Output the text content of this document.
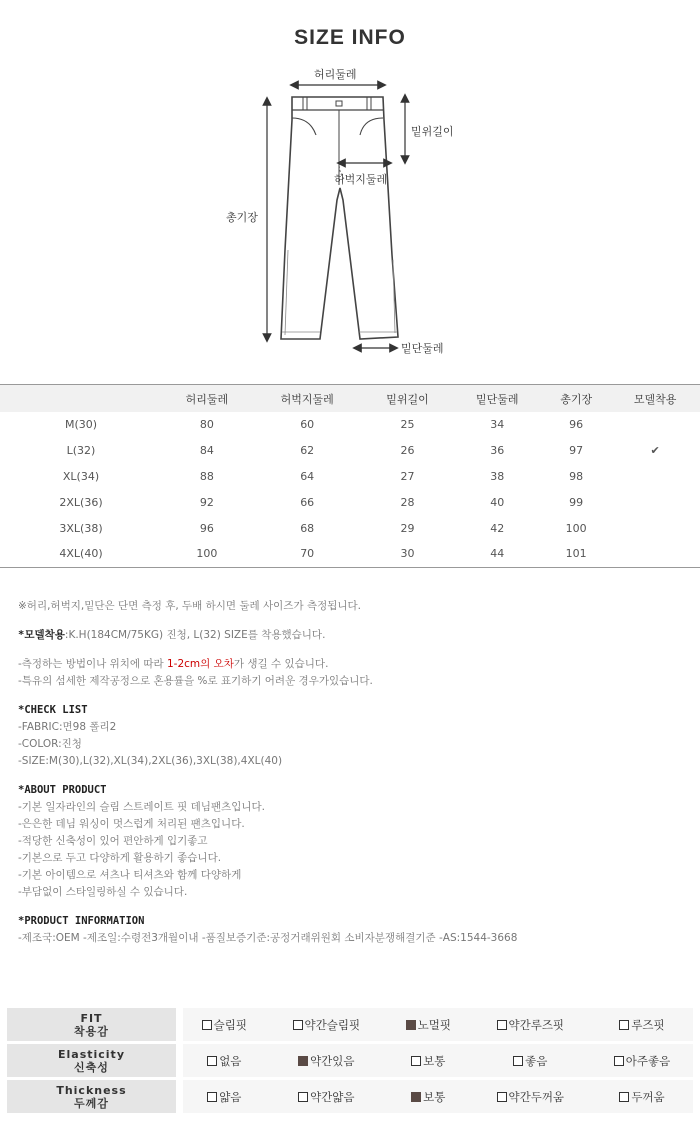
SIZE INFO
허리둘레
밑위길이
허벅지둘레
총기장
밑단둘레
	허리둘레	허벅지둘레	밑위길이	밑단둘레	총기장	모델착용
M(30)	80	60	25	34	96	
L(32)	84	62	26	36	97	✔
XL(34)	88	64	27	38	98	
2XL(36)	92	66	28	40	99	
3XL(38)	96	68	29	42	100	
4XL(40)	100	70	30	44	101	

※허리,허벅지,밑단은 단면 측정 후, 두배 하시면 둘레 사이즈가 측정됩니다.

*모델착용:K.H(184CM/75KG) 진청, L(32) SIZE를 착용했습니다.

-측정하는 방법이나 위치에 따라 1-2cm의 오차가 생길 수 있습니다.

-특유의 섬세한 제작공정으로 혼용률을 %로 표기하기 어려운 경우가있습니다.

*CHECK LIST

-FABRIC:면98 폴리2

-COLOR:진청

-SIZE:M(30),L(32),XL(34),2XL(36),3XL(38),4XL(40)

*ABOUT PRODUCT

-기본 일자라인의 슬림 스트레이트 핏 데님팬츠입니다.

-은은한 데님 워싱이 멋스럽게 처리된 팬츠입니다.

-적당한 신축성이 있어 편안하게 입기좋고

-기본으로 두고 다양하게 활용하기 좋습니다.

-기본 아이템으로 셔츠나 티셔츠와 함께 다양하게

-부담없이 스타일링하실 수 있습니다.

*PRODUCT INFORMATION

-제조국:OEM -제조일:수령전3개월이내 -품질보증기준:공정거래위원회 소비자분쟁해결기준 -AS:1544-3668

FIT
착용감		슬림핏	약간슬림핏	노멀핏	약간루즈핏	루즈핏

Elasticity
신축성		없음	약간있음	보통	좋음	아주좋음

Thickness
두께감		얇음	약간얇음	보통	약간두꺼움	두꺼움
